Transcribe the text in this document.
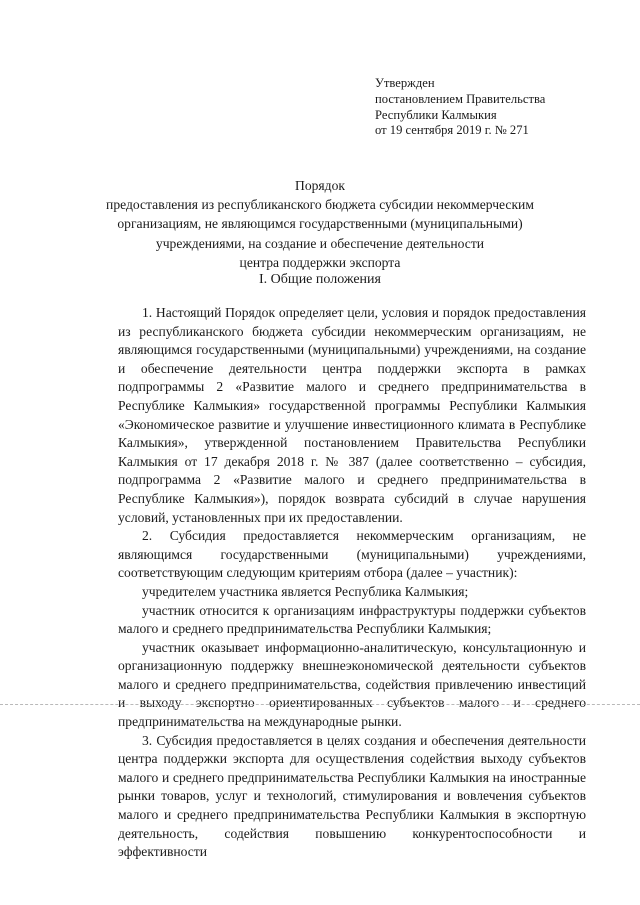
Утвержден
постановлением Правительства
Республики Калмыкия
от 19 сентября 2019 г. № 271
Порядок
предоставления из республиканского бюджета субсидии некоммерческим
организациям, не являющимся государственными (муниципальными)
учреждениями, на создание и обеспечение деятельности
центра поддержки экспорта
I. Общие положения

1. Настоящий Порядок определяет цели, условия и порядок предоставления из республиканского бюджета субсидии некоммерческим организациям, не являющимся государственными (муниципальными) учреждениями, на создание и обеспечение деятельности центра поддержки экспорта в рамках подпрограммы 2 «Развитие малого и среднего предпринимательства в Республике Калмыкия» государственной программы Республики Калмыкия «Экономическое развитие и улучшение инвестиционного климата в Республике Калмыкия», утвержденной постановлением Правительства Республики Калмыкия от 17 декабря 2018 г. № 387 (далее соответственно – субсидия, подпрограмма 2 «Развитие малого и среднего предпринимательства в Республике Калмыкия»), порядок возврата субсидий в случае нарушения условий, установленных при их предоставлении.

2. Субсидия предоставляется некоммерческим организациям, не являющимся государственными (муниципальными) учреждениями, соответствующим следующим критериям отбора (далее – участник):

учредителем участника является Республика Калмыкия;

участник относится к организациям инфраструктуры поддержки субъектов малого и среднего предпринимательства Республики Калмыкия;

участник оказывает информационно-аналитическую, консультационную и организационную поддержку внешнеэкономической деятельности субъектов малого и среднего предпринимательства, содействия привлечению инвестиций и выходу экспортно ориентированных субъектов малого и среднего предпринимательства на международные рынки.

3. Субсидия предоставляется в целях создания и обеспечения деятельности центра поддержки экспорта для осуществления содействия выходу субъектов малого и среднего предпринимательства Республики Калмыкия на иностранные рынки товаров, услуг и технологий, стимулирования и вовлечения субъектов малого и среднего предпринимательства Республики Калмыкия в экспортную деятельность, содействия повышению конкурентоспособности и эффективности
